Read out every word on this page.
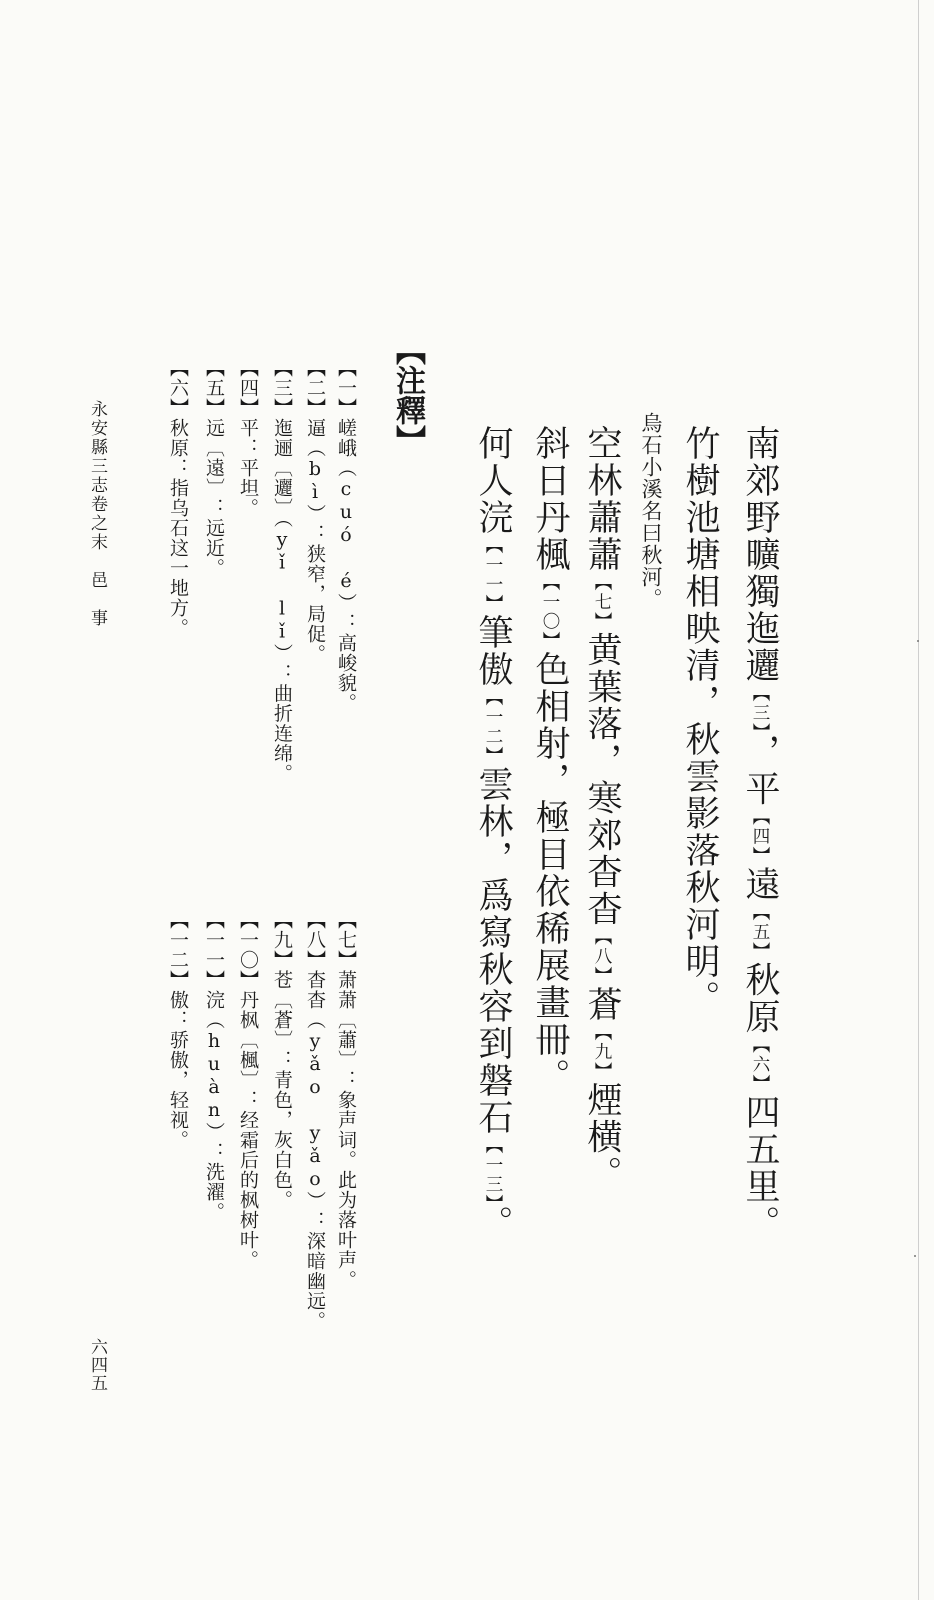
南郊野曠獨迤邐【三】，平【四】遠【五】秋原【六】四五里。
竹樹池塘相映清，秋雲影落秋河明。
烏石小溪名曰秋河。
空林蕭蕭【七】黄葉落，寒郊杳杳【八】蒼【九】煙横。
斜日丹楓【一〇】色相射，極目依稀展畫冊。
何人浣【一一】筆傲【一二】雲林，爲寫秋容到磐石【一三】。
【注釋】
【一】嵯峨（cuó é）：高峻貌。
【二】逼（bì）：狭窄，局促。
【三】迤逦〔邐〕（yǐ lǐ）：曲折连绵。
【四】平：平坦。
【五】远〔遠〕：远近。
【六】秋原：指乌石这一地方。
【七】萧萧〔蕭〕：象声词。此为落叶声。
【八】杳杳（yǎo yǎo）：深暗幽远。
【九】苍〔蒼〕：青色，灰白色。
【一〇】丹枫〔楓〕：经霜后的枫树叶。
【一一】浣（huàn）：洗濯。
【一二】傲：骄傲，轻视。
永安縣三志卷之末　邑　事
六四五
